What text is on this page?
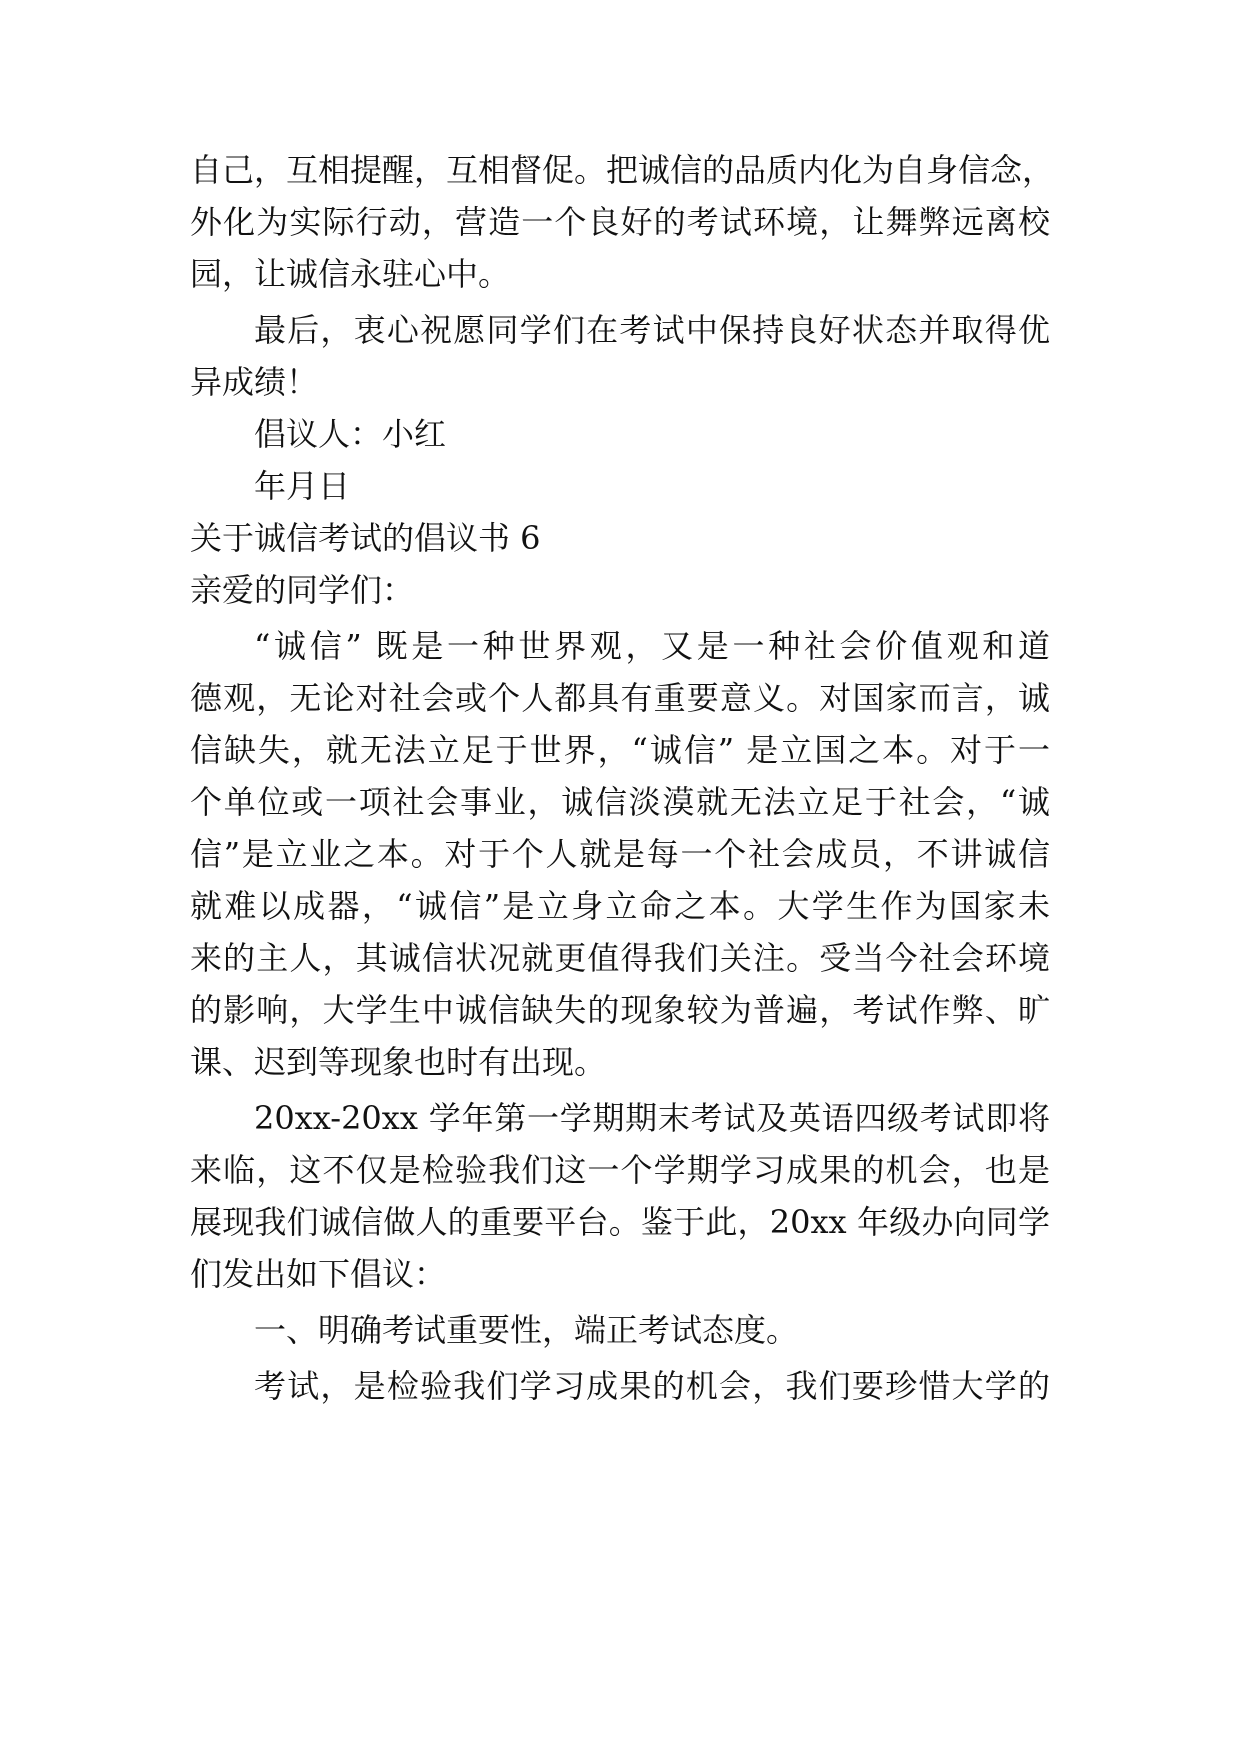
自己，互相提醒，互相督促。把诚信的品质内化为自身信念，
外化为实际行动，营造一个良好的考试环境，让舞弊远离校
园，让诚信永驻心中。
最后，衷心祝愿同学们在考试中保持良好状态并取得优
异成绩！
倡议人：小红
年月日
关于诚信考试的倡议书 6
亲爱的同学们：
“诚信” 既是一种世界观，又是一种社会价值观和道
德观，无论对社会或个人都具有重要意义。对国家而言，诚
信缺失，就无法立足于世界，“诚信” 是立国之本。对于一
个单位或一项社会事业，诚信淡漠就无法立足于社会，“诚
信”是立业之本。对于个人就是每一个社会成员，不讲诚信
就难以成器，“诚信”是立身立命之本。大学生作为国家未
来的主人，其诚信状况就更值得我们关注。受当今社会环境
的影响，大学生中诚信缺失的现象较为普遍，考试作弊、旷
课、迟到等现象也时有出现。
20xx-20xx 学年第一学期期末考试及英语四级考试即将
来临，这不仅是检验我们这一个学期学习成果的机会，也是
展现我们诚信做人的重要平台。鉴于此，20xx 年级办向同学
们发出如下倡议：
一、明确考试重要性，端正考试态度。
考试，是检验我们学习成果的机会，我们要珍惜大学的
